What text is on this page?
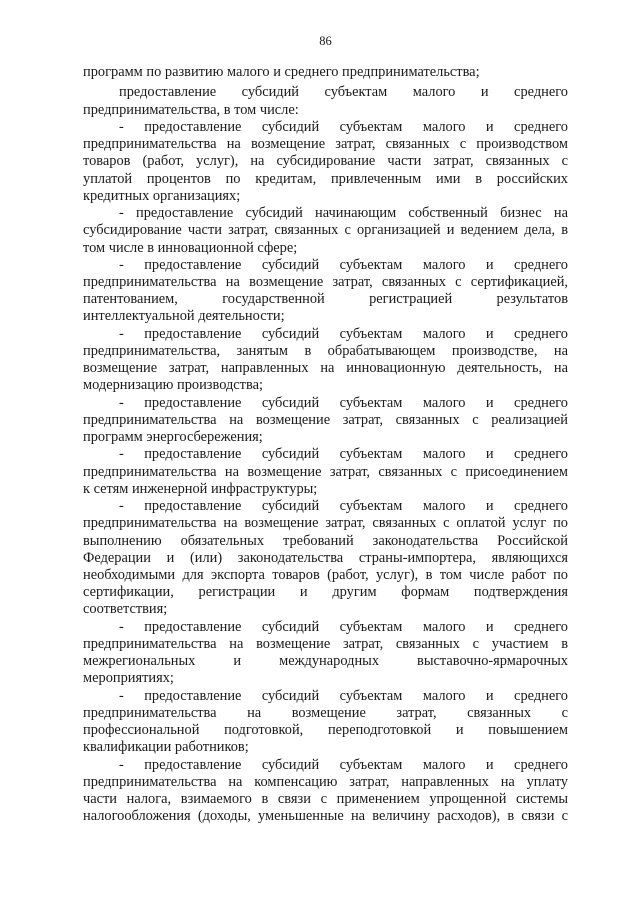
86
программ по развитию малого и среднего предпринимательства;
предоставление субсидий субъектам малого и среднего
предпринимательства, в том числе:
- предоставление субсидий субъектам малого и среднего
предпринимательства на возмещение затрат, связанных с производством
товаров (работ, услуг), на субсидирование части затрат, связанных с
уплатой процентов по кредитам, привлеченным ими в российских
кредитных организациях;
- предоставление субсидий начинающим собственный бизнес на
субсидирование части затрат, связанных с организацией и ведением дела, в
том числе в инновационной сфере;
- предоставление субсидий субъектам малого и среднего
предпринимательства на возмещение затрат, связанных с сертификацией,
патентованием, государственной регистрацией результатов
интеллектуальной деятельности;
- предоставление субсидий субъектам малого и среднего
предпринимательства, занятым в обрабатывающем производстве, на
возмещение затрат, направленных на инновационную деятельность, на
модернизацию производства;
- предоставление субсидий субъектам малого и среднего
предпринимательства на возмещение затрат, связанных с реализацией
программ энергосбережения;
- предоставление субсидий субъектам малого и среднего
предпринимательства на возмещение затрат, связанных с присоединением
к сетям инженерной инфраструктуры;
- предоставление субсидий субъектам малого и среднего
предпринимательства на возмещение затрат, связанных с оплатой услуг по
выполнению обязательных требований законодательства Российской
Федерации и (или) законодательства страны-импортера, являющихся
необходимыми для экспорта товаров (работ, услуг), в том числе работ по
сертификации, регистрации и другим формам подтверждения
соответствия;
- предоставление субсидий субъектам малого и среднего
предпринимательства на возмещение затрат, связанных с участием в
межрегиональных и международных выставочно-ярмарочных
мероприятиях;
- предоставление субсидий субъектам малого и среднего
предпринимательства на возмещение затрат, связанных с
профессиональной подготовкой, переподготовкой и повышением
квалификации работников;
- предоставление субсидий субъектам малого и среднего
предпринимательства на компенсацию затрат, направленных на уплату
части налога, взимаемого в связи с применением упрощенной системы
налогообложения (доходы, уменьшенные на величину расходов), в связи с
